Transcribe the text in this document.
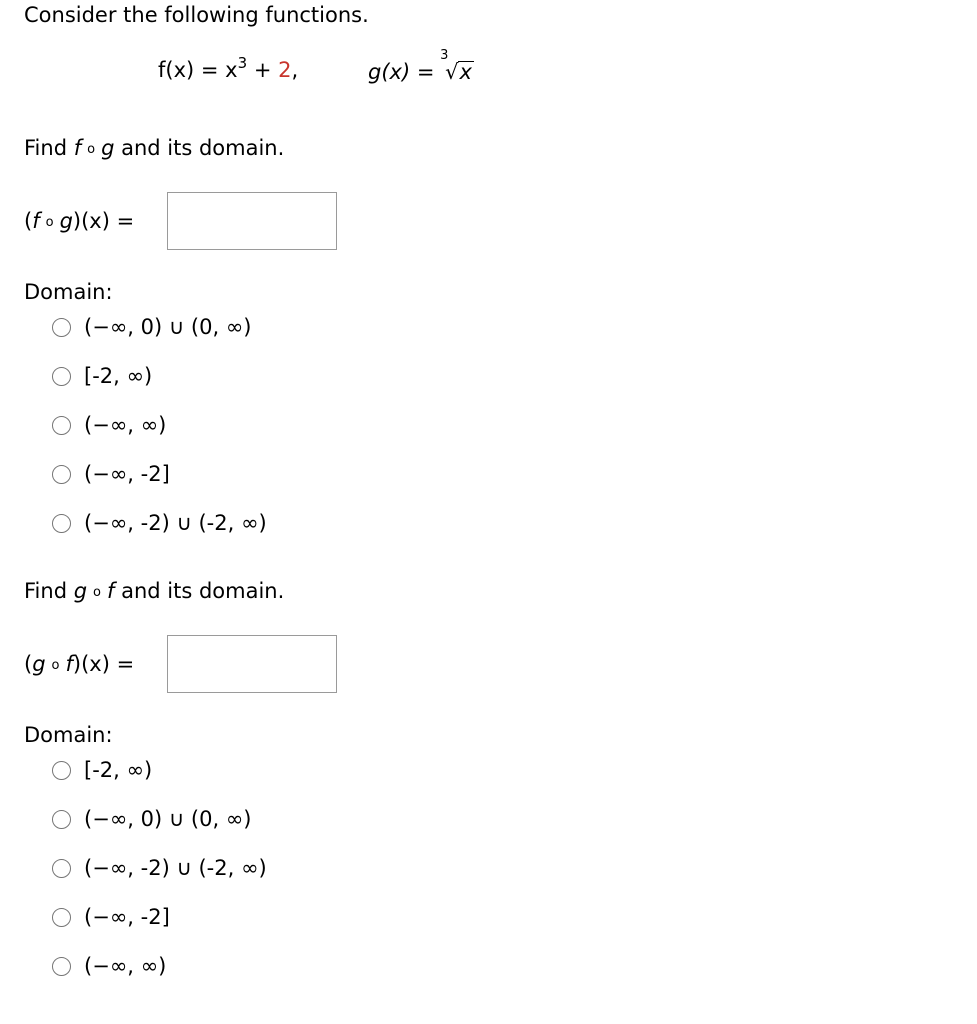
Consider the following functions.
$f(x) = x^3 + 2$,	g(x) =
3
√x
Find f o g and its domain.
(f o g)(x) =
Domain:
(−∞, 0) ∪ (0, ∞)
[-2, ∞)
(−∞, ∞)
(−∞, -2]
(−∞, -2) ∪ (-2, ∞)
Find g o f and its domain.
(g o f)(x) =
Domain:
[-2, ∞)
(−∞, 0) ∪ (0, ∞)
(−∞, -2) ∪ (-2, ∞)
(−∞, -2]
(−∞, ∞)
